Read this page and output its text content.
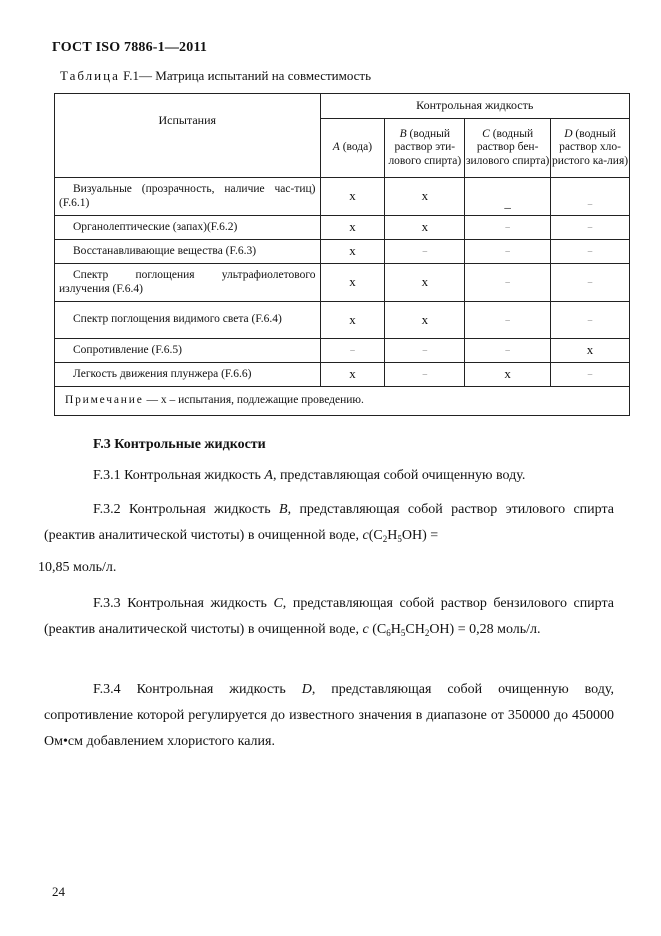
ГОСТ ISO 7886-1—2011
Таблица F.1— Матрица испытаний на совместимость
Испытания	Контрольная жидкость			
	A (вода)	B (водный раствор эти-лового спирта)	C (водный раствор бен-зилового спирта)	D (водный раствор хло-ристого ка-лия)
Визуальные (прозрачность, наличие час-тиц) (F.6.1)	x	x	_	–
Органолептические (запах)(F.6.2)	x	x	–	–
Восстанавливающие вещества (F.6.3)	x	–	–	–
Спектр поглощения ультрафиолетового излучения (F.6.4)	x	x	–	–
Спектр поглощения видимого света (F.6.4)	x	x	–	–
Сопротивление (F.6.5)	–	–	–	x
Легкость движения плунжера (F.6.6)	x	–	x	–
Примечание — x – испытания, подлежащие проведению.				
F.3 Контрольные жидкости
F.3.1 Контрольная жидкость A, представляющая собой очищенную воду.
F.3.2 Контрольная жидкость B, представляющая собой раствор этилового спирта (реактив аналитической чистоты) в очищенной воде, $c(C_2H_5OH)$ =
10,85 моль/л.
F.3.3 Контрольная жидкость C, представляющая собой раствор бензилового спирта (реактив аналитической чистоты) в очищенной воде, c $(C_6H_5CH_2OH) = 0,28$ моль/л.
F.3.4 Контрольная жидкость D, представляющая собой очищенную воду, сопротивление которой регулируется до известного значения в диапазоне от 350000 до 450000 Ом•см добавлением хлористого калия.
24
